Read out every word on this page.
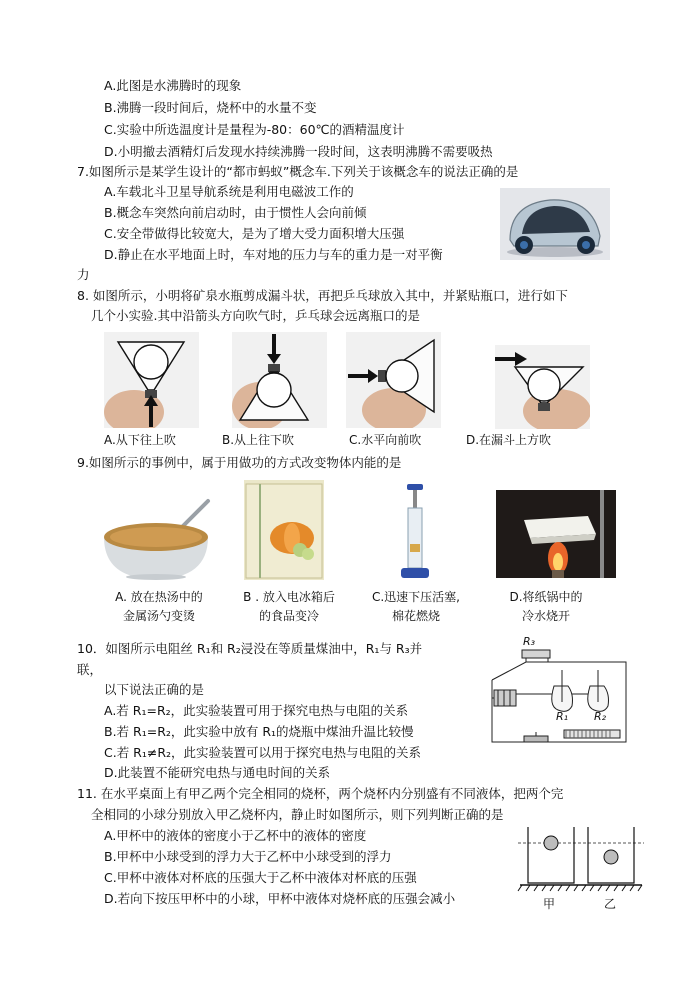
A.此图是水沸腾时的现象
B.沸腾一段时间后，烧杯中的水量不变
C.实验中所选温度计是量程为-80：60℃的酒精温度计
D.小明撤去酒精灯后发现水持续沸腾一段时间，这表明沸腾不需要吸热
7.如图所示是某学生设计的“都市蚂蚁”概念车.下列关于该概念车的说法正确的是
A.车载北斗卫星导航系统是利用电磁波工作的
B.概念车突然向前启动时，由于惯性人会向前倾
C.安全带做得比较宽大，是为了增大受力面积增大压强
D.静止在水平地面上时，车对地的压力与车的重力是一对平衡
力
8. 如图所示，小明将矿泉水瓶剪成漏斗状，再把乒乓球放入其中，并紧贴瓶口，进行如下
几个小实验.其中沿箭头方向吹气时，乒乓球会远离瓶口的是
A.从下往上吹	B.从上往下吹	C.水平向前吹	D.在漏斗上方吹
9.如图所示的事例中，属于用做功的方式改变物体内能的是
A. 放在热汤中的
金属汤勺变烫
B . 放入电冰箱后
的食品变冷
C.迅速下压活塞,
棉花燃烧
D.将纸锅中的
冷水烧开
10．如图所示电阻丝 R₁和 R₂浸没在等质量煤油中，R₁与 R₃并
联，
以下说法正确的是
A.若 R₁=R₂，此实验装置可用于探究电热与电阻的关系
B.若 R₁=R₂，此实验中放有 R₁的烧瓶中煤油升温比较慢
C.若 R₁≠R₂，此实验装置可以用于探究电热与电阻的关系
D.此装置不能研究电热与通电时间的关系
R₃
R₁ R₂
11. 在水平桌面上有甲乙两个完全相同的烧杯，两个烧杯内分别盛有不同液体，把两个完
全相同的小球分别放入甲乙烧杯内，静止时如图所示，则下列判断正确的是
A.甲杯中的液体的密度小于乙杯中的液体的密度
B.甲杯中小球受到的浮力大于乙杯中小球受到的浮力
C.甲杯中液体对杯底的压强大于乙杯中液体对杯底的压强
D.若向下按压甲杯中的小球，甲杯中液体对烧杯底的压强会减小	甲	乙
